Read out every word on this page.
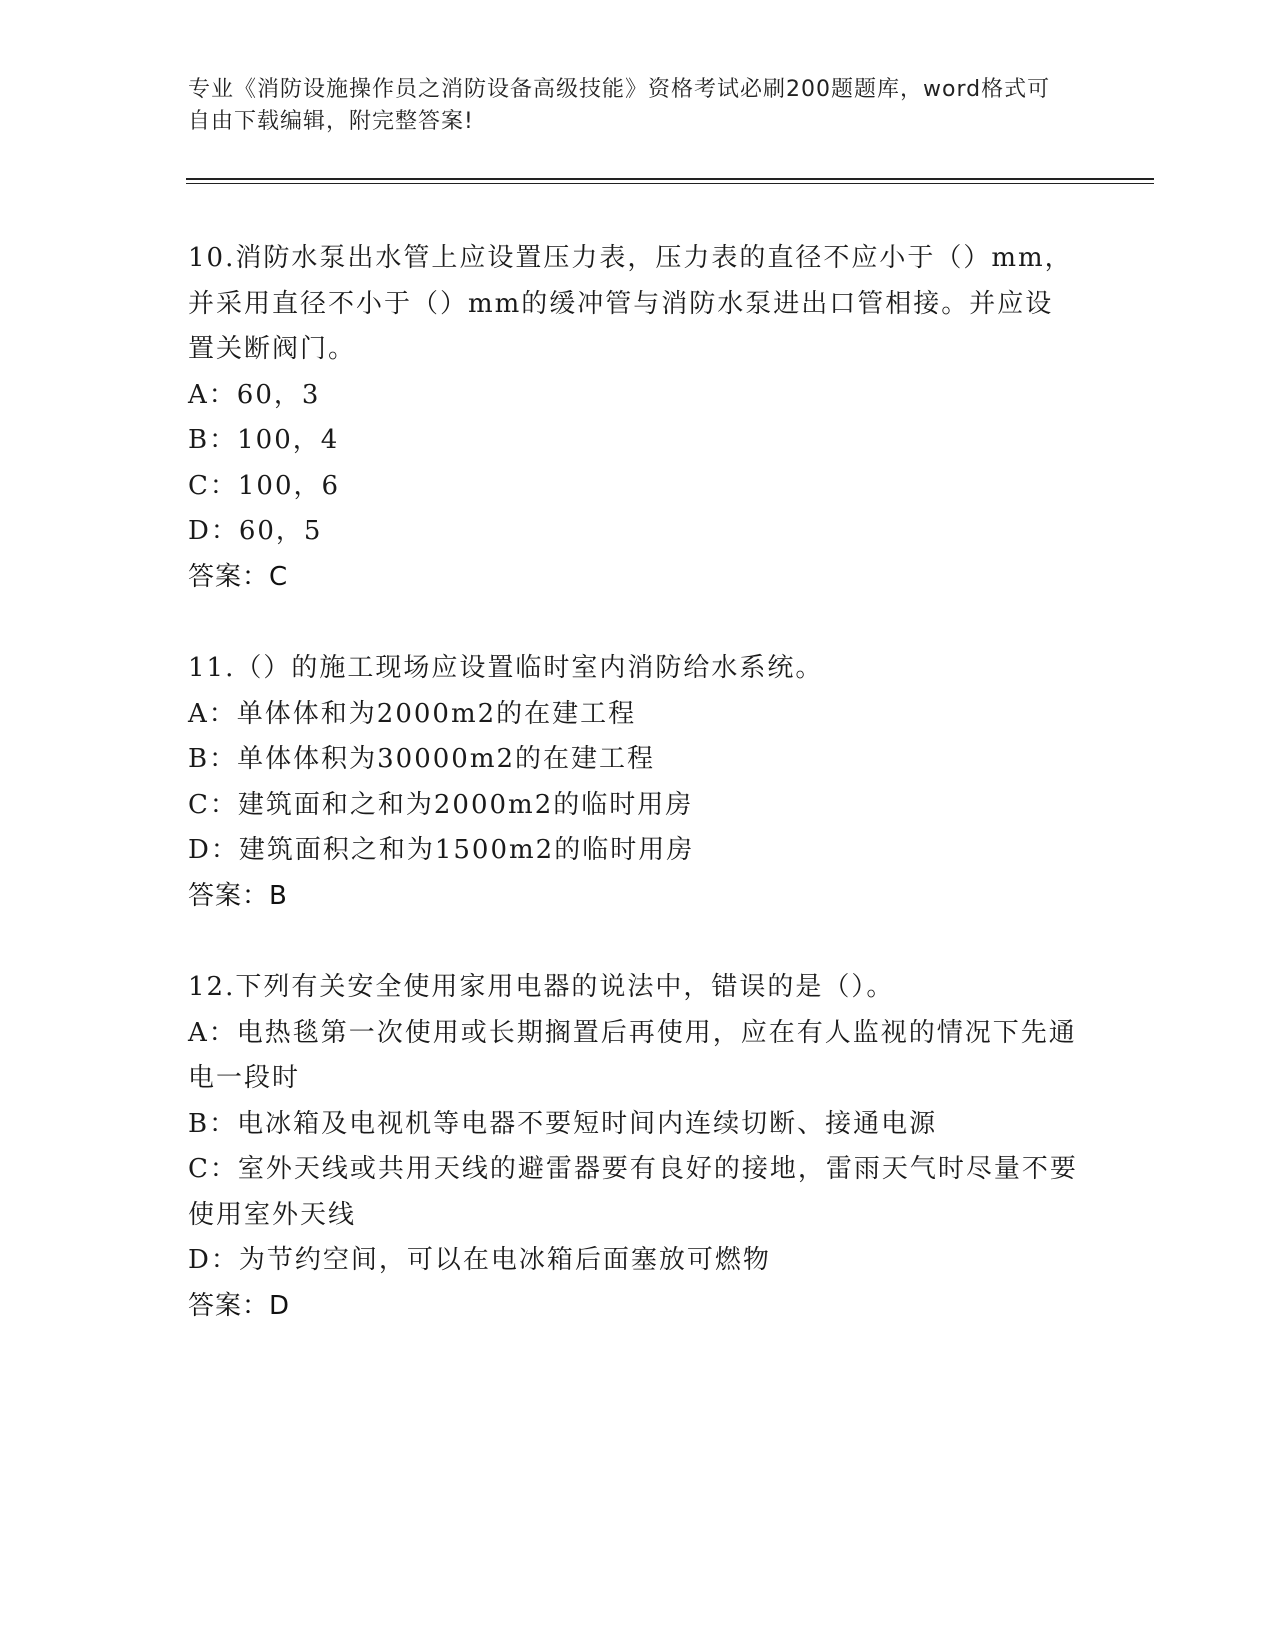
专业《消防设施操作员之消防设备高级技能》资格考试必刷200题题库，word格式可自由下载编辑，附完整答案!
10.消防水泵出水管上应设置压力表，压力表的直径不应小于（）mm，并采用直径不小于（）mm的缓冲管与消防水泵进出口管相接。并应设置关断阀门。
A：60，3
B：100，4
C：100，6
D：60，5
答案：C
11.（）的施工现场应设置临时室内消防给水系统。
A：单体体和为2000m2的在建工程
B：单体体积为30000m2的在建工程
C：建筑面和之和为2000m2的临时用房
D：建筑面积之和为1500m2的临时用房
答案：B
12.下列有关安全使用家用电器的说法中，错误的是（）。
A：电热毯第一次使用或长期搁置后再使用，应在有人监视的情况下先通电一段时
B：电冰箱及电视机等电器不要短时间内连续切断、接通电源
C：室外天线或共用天线的避雷器要有良好的接地，雷雨天气时尽量不要使用室外天线
D：为节约空间，可以在电冰箱后面塞放可燃物
答案：D
